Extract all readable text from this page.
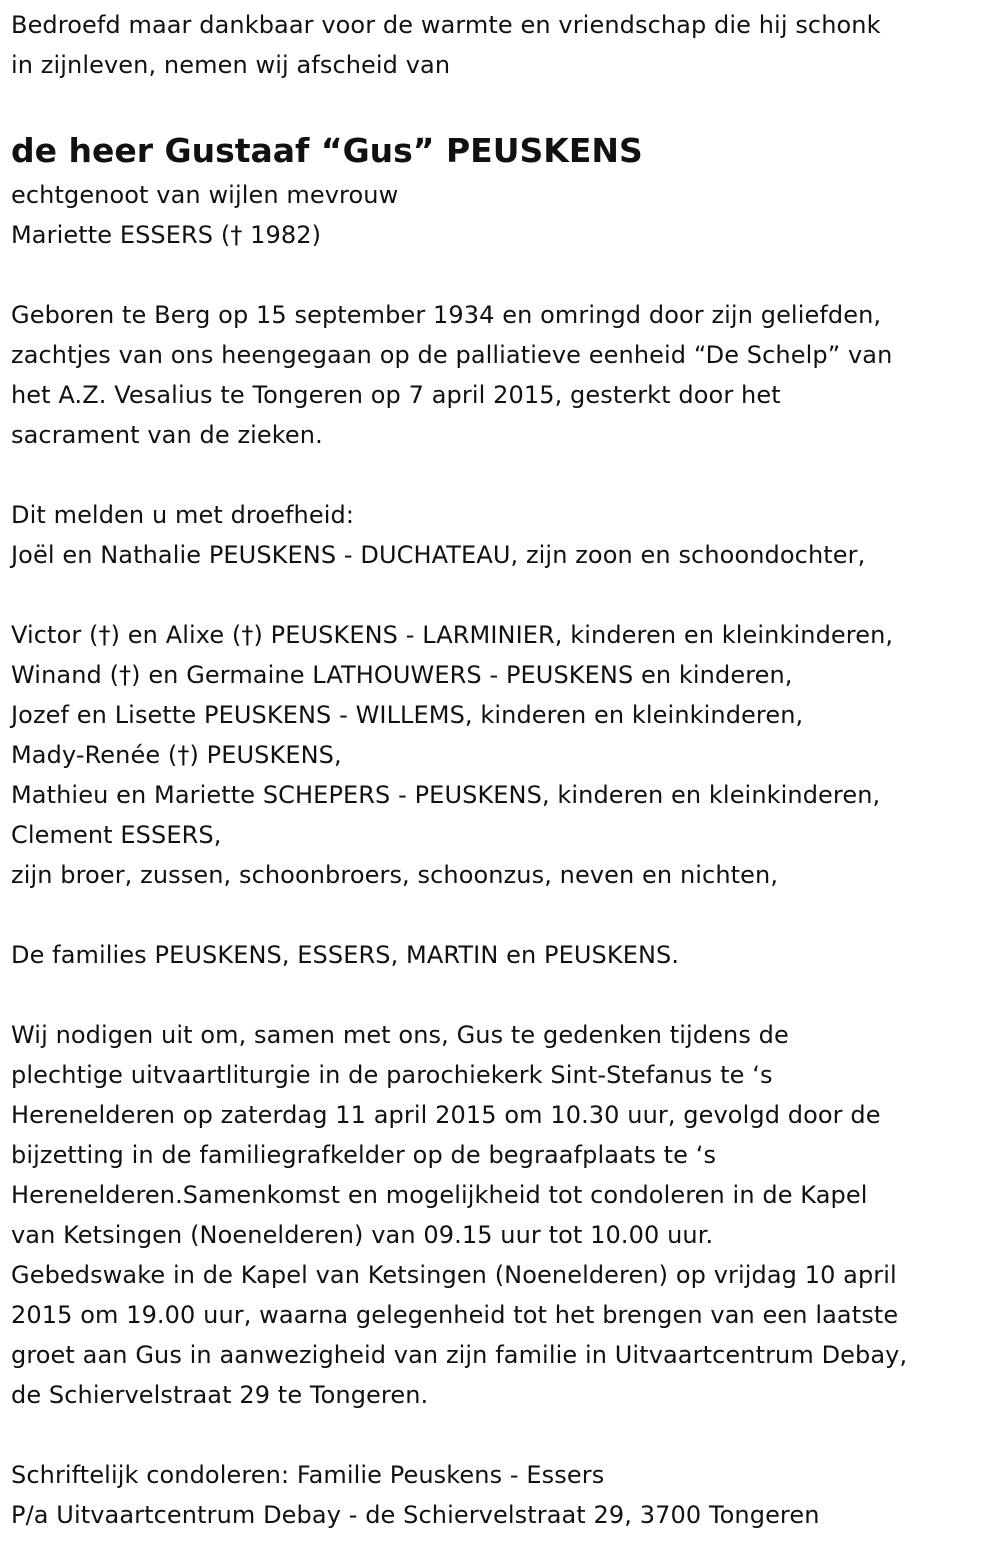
Bedroefd maar dankbaar voor de warmte en vriendschap die hij schonk
in zijnleven, nemen wij afscheid van
de heer Gustaaf “Gus” PEUSKENS
echtgenoot van wijlen mevrouw
Mariette ESSERS († 1982)
Geboren te Berg op 15 september 1934 en omringd door zijn geliefden,
zachtjes van ons heengegaan op de palliatieve eenheid “De Schelp” van
het A.Z. Vesalius te Tongeren op 7 april 2015, gesterkt door het
sacrament van de zieken.
Dit melden u met droefheid:
Joël en Nathalie PEUSKENS - DUCHATEAU, zijn zoon en schoondochter,
Victor (†) en Alixe (†) PEUSKENS - LARMINIER, kinderen en kleinkinderen,
Winand (†) en Germaine LATHOUWERS - PEUSKENS en kinderen,
Jozef en Lisette PEUSKENS - WILLEMS, kinderen en kleinkinderen,
Mady-Renée (†) PEUSKENS,
Mathieu en Mariette SCHEPERS - PEUSKENS, kinderen en kleinkinderen,
Clement ESSERS,
zijn broer, zussen, schoonbroers, schoonzus, neven en nichten,
De families PEUSKENS, ESSERS, MARTIN en PEUSKENS.
Wij nodigen uit om, samen met ons, Gus te gedenken tijdens de
plechtige uitvaartliturgie in de parochiekerk Sint-Stefanus te ‘s
Herenelderen op zaterdag 11 april 2015 om 10.30 uur, gevolgd door de
bijzetting in de familiegrafkelder op de begraafplaats te ‘s
Herenelderen.Samenkomst en mogelijkheid tot condoleren in de Kapel
van Ketsingen (Noenelderen) van 09.15 uur tot 10.00 uur.
Gebedswake in de Kapel van Ketsingen (Noenelderen) op vrijdag 10 april
2015 om 19.00 uur, waarna gelegenheid tot het brengen van een laatste
groet aan Gus in aanwezigheid van zijn familie in Uitvaartcentrum Debay,
de Schiervelstraat 29 te Tongeren.
Schriftelijk condoleren: Familie Peuskens - Essers
P/a Uitvaartcentrum Debay - de Schiervelstraat 29, 3700 Tongeren
